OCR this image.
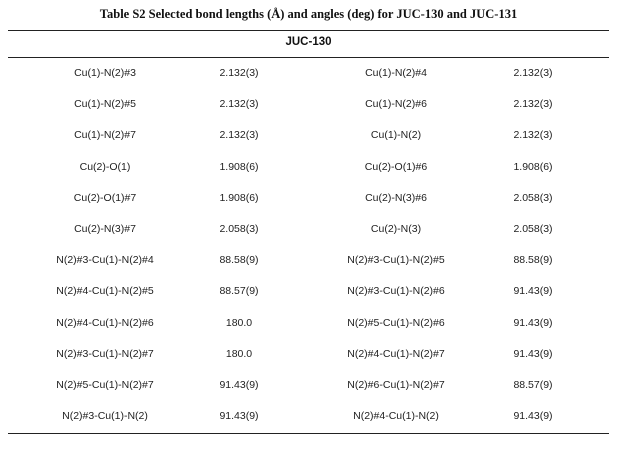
Table S2 Selected bond lengths (Å) and angles (deg) for JUC-130 and JUC-131
JUC-130
Cu(1)-N(2)#3	2.132(3)	Cu(1)-N(2)#4	2.132(3)
Cu(1)-N(2)#5	2.132(3)	Cu(1)-N(2)#6	2.132(3)
Cu(1)-N(2)#7	2.132(3)	Cu(1)-N(2)	2.132(3)
Cu(2)-O(1)	1.908(6)	Cu(2)-O(1)#6	1.908(6)
Cu(2)-O(1)#7	1.908(6)	Cu(2)-N(3)#6	2.058(3)
Cu(2)-N(3)#7	2.058(3)	Cu(2)-N(3)	2.058(3)
N(2)#3-Cu(1)-N(2)#4	88.58(9)	N(2)#3-Cu(1)-N(2)#5	88.58(9)
N(2)#4-Cu(1)-N(2)#5	88.57(9)	N(2)#3-Cu(1)-N(2)#6	91.43(9)
N(2)#4-Cu(1)-N(2)#6	180.0	N(2)#5-Cu(1)-N(2)#6	91.43(9)
N(2)#3-Cu(1)-N(2)#7	180.0	N(2)#4-Cu(1)-N(2)#7	91.43(9)
N(2)#5-Cu(1)-N(2)#7	91.43(9)	N(2)#6-Cu(1)-N(2)#7	88.57(9)
N(2)#3-Cu(1)-N(2)	91.43(9)	N(2)#4-Cu(1)-N(2)	91.43(9)
